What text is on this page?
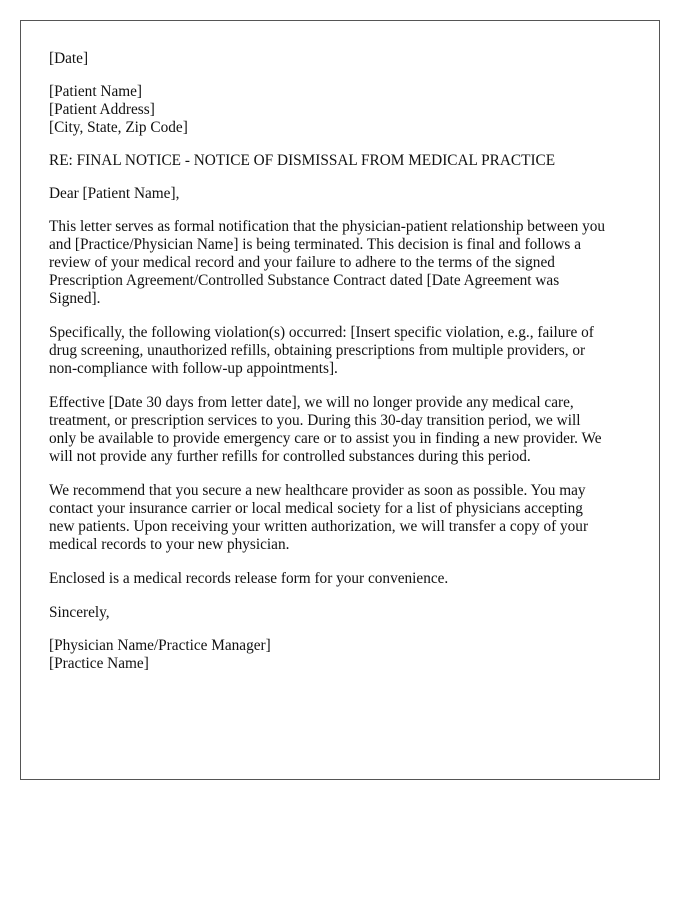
[Date]
[Patient Name]
[Patient Address]
[City, State, Zip Code]
RE: FINAL NOTICE - NOTICE OF DISMISSAL FROM MEDICAL PRACTICE
Dear [Patient Name],
This letter serves as formal notification that the physician-patient relationship between you
and [Practice/Physician Name] is being terminated. This decision is final and follows a
review of your medical record and your failure to adhere to the terms of the signed
Prescription Agreement/Controlled Substance Contract dated [Date Agreement was
Signed].
Specifically, the following violation(s) occurred: [Insert specific violation, e.g., failure of
drug screening, unauthorized refills, obtaining prescriptions from multiple providers, or
non-compliance with follow-up appointments].
Effective [Date 30 days from letter date], we will no longer provide any medical care,
treatment, or prescription services to you. During this 30-day transition period, we will
only be available to provide emergency care or to assist you in finding a new provider. We
will not provide any further refills for controlled substances during this period.
We recommend that you secure a new healthcare provider as soon as possible. You may
contact your insurance carrier or local medical society for a list of physicians accepting
new patients. Upon receiving your written authorization, we will transfer a copy of your
medical records to your new physician.
Enclosed is a medical records release form for your convenience.
Sincerely,
[Physician Name/Practice Manager]
[Practice Name]
